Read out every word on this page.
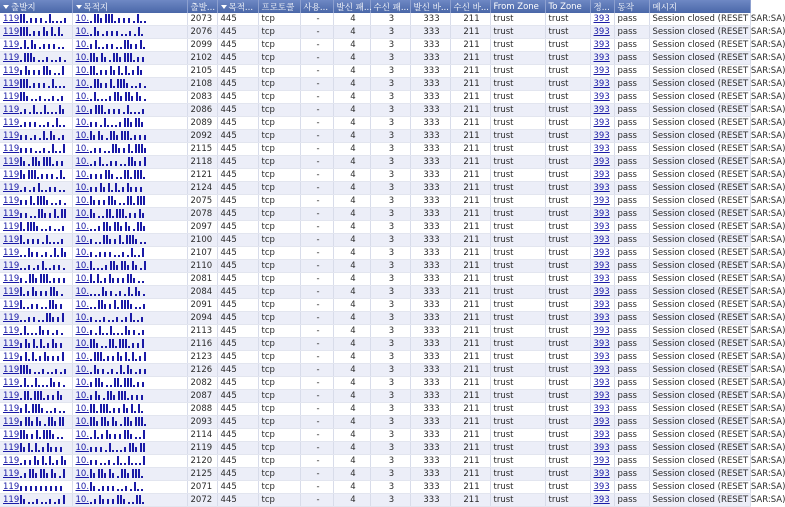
출발지	목적지	출발...	목적...	프로토콜	사용...	발신 패...	수신 패...	발신 바...	수신 바...	From Zone	To Zone	정...	동작	메시지
119	10.	2073	445	tcp	-	4	3	333	211	trust	trust	393	pass	Session closed (RESET SAR:SA)
119	10.	2076	445	tcp	-	4	3	333	211	trust	trust	393	pass	Session closed (RESET SAR:SA)
119	10.	2099	445	tcp	-	4	3	333	211	trust	trust	393	pass	Session closed (RESET SAR:SA)
119	10.	2102	445	tcp	-	4	3	333	211	trust	trust	393	pass	Session closed (RESET SAR:SA)
119	10.	2105	445	tcp	-	4	3	333	211	trust	trust	393	pass	Session closed (RESET SAR:SA)
119	10.	2108	445	tcp	-	4	3	333	211	trust	trust	393	pass	Session closed (RESET SAR:SA)
119	10.	2083	445	tcp	-	4	3	333	211	trust	trust	393	pass	Session closed (RESET SAR:SA)
119	10.	2086	445	tcp	-	4	3	333	211	trust	trust	393	pass	Session closed (RESET SAR:SA)
119	10.	2089	445	tcp	-	4	3	333	211	trust	trust	393	pass	Session closed (RESET SAR:SA)
119	10.	2092	445	tcp	-	4	3	333	211	trust	trust	393	pass	Session closed (RESET SAR:SA)
119	10.	2115	445	tcp	-	4	3	333	211	trust	trust	393	pass	Session closed (RESET SAR:SA)
119	10.	2118	445	tcp	-	4	3	333	211	trust	trust	393	pass	Session closed (RESET SAR:SA)
119	10.	2121	445	tcp	-	4	3	333	211	trust	trust	393	pass	Session closed (RESET SAR:SA)
119	10.	2124	445	tcp	-	4	3	333	211	trust	trust	393	pass	Session closed (RESET SAR:SA)
119	10.	2075	445	tcp	-	4	3	333	211	trust	trust	393	pass	Session closed (RESET SAR:SA)
119	10.	2078	445	tcp	-	4	3	333	211	trust	trust	393	pass	Session closed (RESET SAR:SA)
119	10.	2097	445	tcp	-	4	3	333	211	trust	trust	393	pass	Session closed (RESET SAR:SA)
119	10.	2100	445	tcp	-	4	3	333	211	trust	trust	393	pass	Session closed (RESET SAR:SA)
119	10.	2107	445	tcp	-	4	3	333	211	trust	trust	393	pass	Session closed (RESET SAR:SA)
119	10.	2110	445	tcp	-	4	3	333	211	trust	trust	393	pass	Session closed (RESET SAR:SA)
119	10.	2081	445	tcp	-	4	3	333	211	trust	trust	393	pass	Session closed (RESET SAR:SA)
119	10.	2084	445	tcp	-	4	3	333	211	trust	trust	393	pass	Session closed (RESET SAR:SA)
119	10.	2091	445	tcp	-	4	3	333	211	trust	trust	393	pass	Session closed (RESET SAR:SA)
119	10.	2094	445	tcp	-	4	3	333	211	trust	trust	393	pass	Session closed (RESET SAR:SA)
119	10.	2113	445	tcp	-	4	3	333	211	trust	trust	393	pass	Session closed (RESET SAR:SA)
119	10.	2116	445	tcp	-	4	3	333	211	trust	trust	393	pass	Session closed (RESET SAR:SA)
119	10.	2123	445	tcp	-	4	3	333	211	trust	trust	393	pass	Session closed (RESET SAR:SA)
119	10.	2126	445	tcp	-	4	3	333	211	trust	trust	393	pass	Session closed (RESET SAR:SA)
119	10.	2082	445	tcp	-	4	3	333	211	trust	trust	393	pass	Session closed (RESET SAR:SA)
119	10.	2087	445	tcp	-	4	3	333	211	trust	trust	393	pass	Session closed (RESET SAR:SA)
119	10.	2088	445	tcp	-	4	3	333	211	trust	trust	393	pass	Session closed (RESET SAR:SA)
119	10.	2093	445	tcp	-	4	3	333	211	trust	trust	393	pass	Session closed (RESET SAR:SA)
119	10.	2114	445	tcp	-	4	3	333	211	trust	trust	393	pass	Session closed (RESET SAR:SA)
119	10.	2119	445	tcp	-	4	3	333	211	trust	trust	393	pass	Session closed (RESET SAR:SA)
119	10.	2120	445	tcp	-	4	3	333	211	trust	trust	393	pass	Session closed (RESET SAR:SA)
119	10.	2125	445	tcp	-	4	3	333	211	trust	trust	393	pass	Session closed (RESET SAR:SA)
119	10.	2071	445	tcp	-	4	3	333	211	trust	trust	393	pass	Session closed (RESET SAR:SA)
119	10.	2072	445	tcp	-	4	3	333	211	trust	trust	393	pass	Session closed (RESET SAR:SA)
